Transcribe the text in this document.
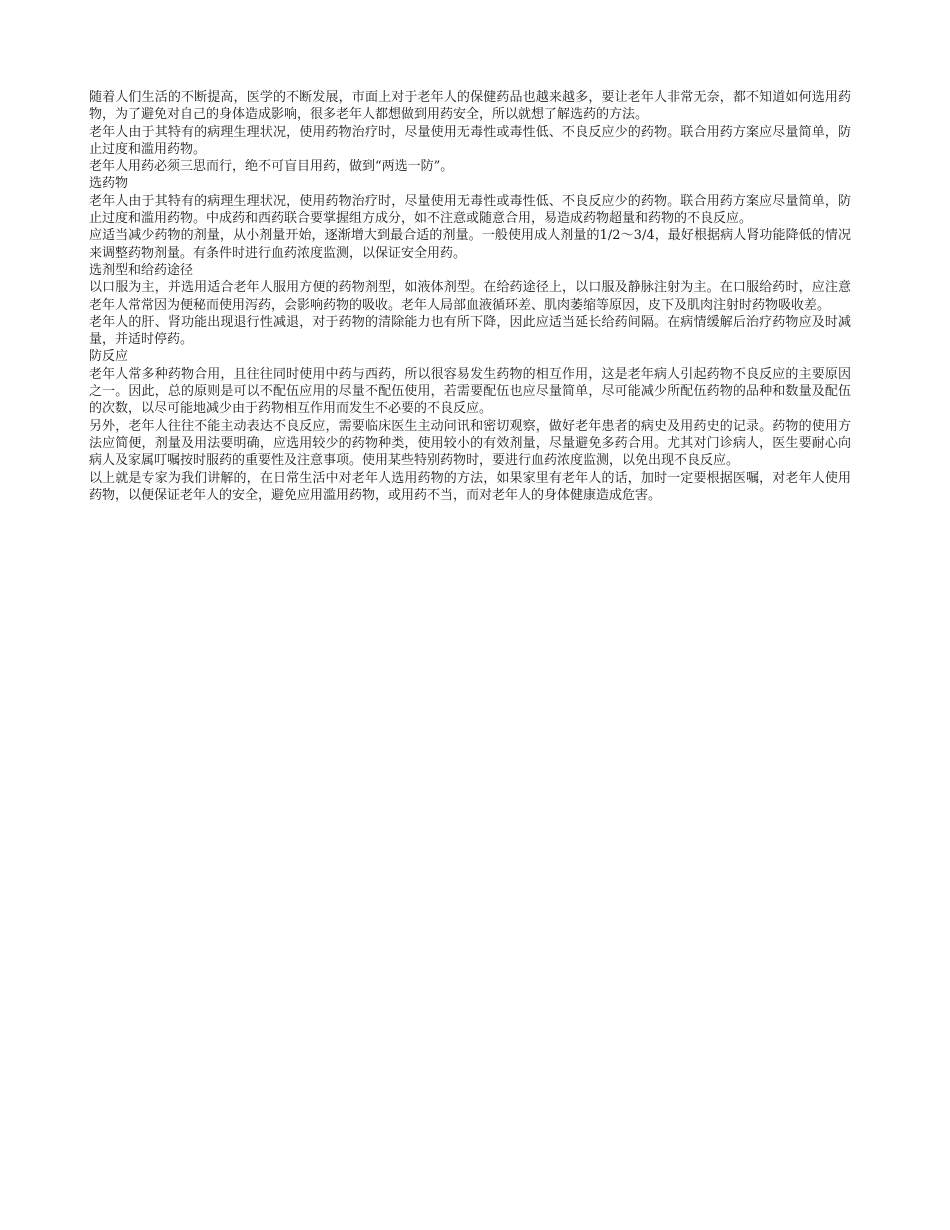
随着人们生活的不断提高，医学的不断发展，市面上对于老年人的保健药品也越来越多，要让老年人非常无奈，都不知道如何选用药物，为了避免对自己的身体造成影响，很多老年人都想做到用药安全，所以就想了解选药的方法。

老年人由于其特有的病理生理状况，使用药物治疗时，尽量使用无毒性或毒性低、不良反应少的药物。联合用药方案应尽量简单，防止过度和滥用药物。

老年人用药必须三思而行，绝不可盲目用药，做到“两选一防”。

选药物

老年人由于其特有的病理生理状况，使用药物治疗时，尽量使用无毒性或毒性低、不良反应少的药物。联合用药方案应尽量简单，防止过度和滥用药物。中成药和西药联合要掌握组方成分，如不注意或随意合用，易造成药物超量和药物的不良反应。

应适当减少药物的剂量，从小剂量开始，逐渐增大到最合适的剂量。一般使用成人剂量的1/2～3/4，最好根据病人肾功能降低的情况来调整药物剂量。有条件时进行血药浓度监测，以保证安全用药。

选剂型和给药途径

以口服为主，并选用适合老年人服用方便的药物剂型，如液体剂型。在给药途径上，以口服及静脉注射为主。在口服给药时，应注意老年人常常因为便秘而使用泻药，会影响药物的吸收。老年人局部血液循环差、肌肉萎缩等原因，皮下及肌肉注射时药物吸收差。

老年人的肝、肾功能出现退行性减退，对于药物的清除能力也有所下降，因此应适当延长给药间隔。在病情缓解后治疗药物应及时减量，并适时停药。

防反应

老年人常多种药物合用，且往往同时使用中药与西药，所以很容易发生药物的相互作用，这是老年病人引起药物不良反应的主要原因之一。因此，总的原则是可以不配伍应用的尽量不配伍使用，若需要配伍也应尽量简单，尽可能减少所配伍药物的品种和数量及配伍的次数，以尽可能地减少由于药物相互作用而发生不必要的不良反应。

另外，老年人往往不能主动表达不良反应，需要临床医生主动问讯和密切观察，做好老年患者的病史及用药史的记录。药物的使用方法应简便，剂量及用法要明确，应选用较少的药物种类，使用较小的有效剂量，尽量避免多药合用。尤其对门诊病人，医生要耐心向病人及家属叮嘱按时服药的重要性及注意事项。使用某些特别药物时，要进行血药浓度监测，以免出现不良反应。

以上就是专家为我们讲解的，在日常生活中对老年人选用药物的方法，如果家里有老年人的话，加时一定要根据医嘱，对老年人使用药物，以便保证老年人的安全，避免应用滥用药物，或用药不当，而对老年人的身体健康造成危害。
